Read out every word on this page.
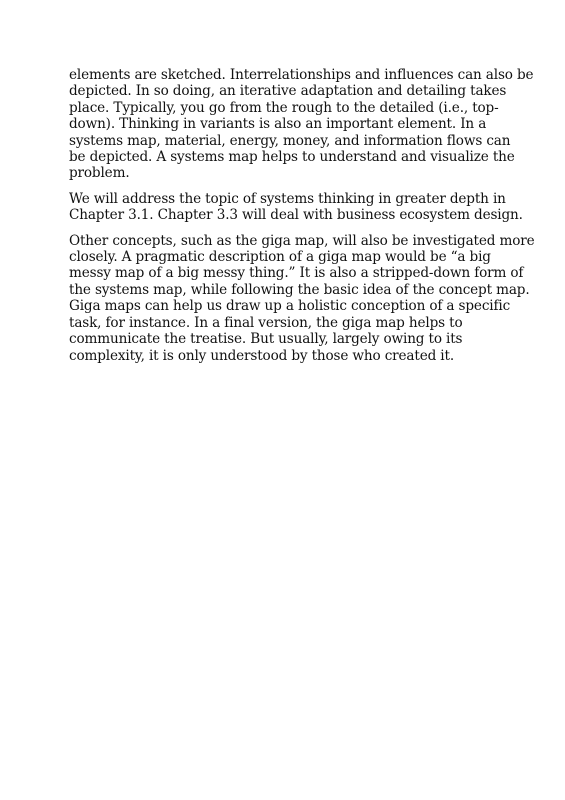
elements are sketched. Interrelationships and influences can also be
depicted. In so doing, an iterative adaptation and detailing takes
place. Typically, you go from the rough to the detailed (i.e., top-
down). Thinking in variants is also an important element. In a
systems map, material, energy, money, and information flows can
be depicted. A systems map helps to understand and visualize the
problem.

We will address the topic of systems thinking in greater depth in
Chapter 3.1. Chapter 3.3 will deal with business ecosystem design.

Other concepts, such as the giga map, will also be investigated more
closely. A pragmatic description of a giga map would be “a big
messy map of a big messy thing.” It is also a stripped-down form of
the systems map, while following the basic idea of the concept map.
Giga maps can help us draw up a holistic conception of a specific
task, for instance. In a final version, the giga map helps to
communicate the treatise. But usually, largely owing to its
complexity, it is only understood by those who created it.
